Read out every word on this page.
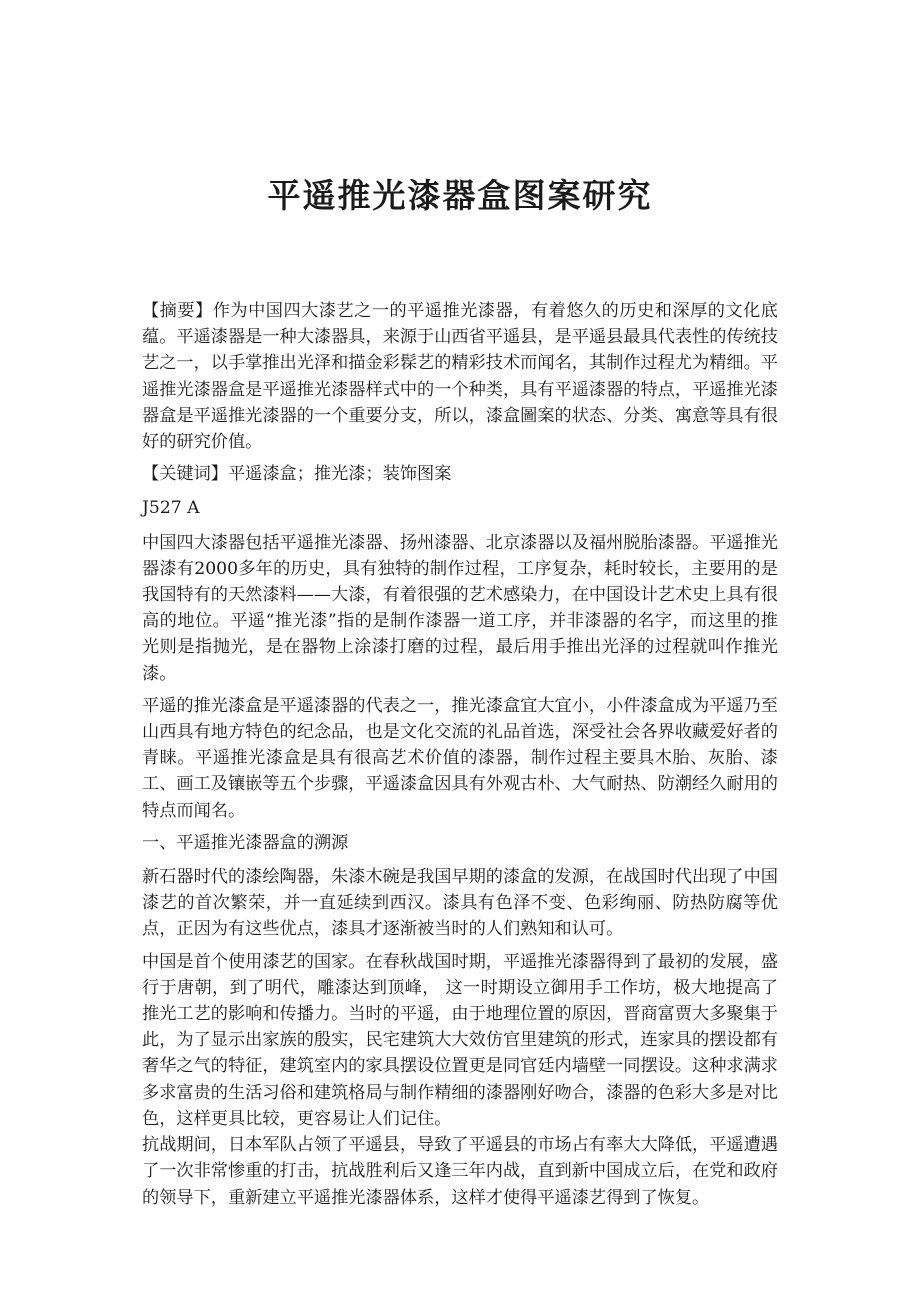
平遥推光漆器盒图案研究

【摘要】作为中国四大漆艺之一的平遥推光漆器，有着悠久的历史和深厚的文化底蕴。平遥漆器是一种大漆器具，来源于山西省平遥县，是平遥县最具代表性的传统技艺之一，以手掌推出光泽和描金彩髹艺的精彩技术而闻名，其制作过程尤为精细。平遥推光漆器盒是平遥推光漆器样式中的一个种类，具有平遥漆器的特点，平遥推光漆器盒是平遥推光漆器的一个重要分支，所以，漆盒圖案的状态、分类、寓意等具有很好的研究价值。

【关键词】平遥漆盒；推光漆；装饰图案

J527 A

中国四大漆器包括平遥推光漆器、扬州漆器、北京漆器以及福州脱胎漆器。平遥推光器漆有2000多年的历史，具有独特的制作过程，工序复杂，耗时较长，主要用的是我国特有的天然漆料——大漆，有着很强的艺术感染力，在中国设计艺术史上具有很高的地位。平遥“推光漆”指的是制作漆器一道工序，并非漆器的名字，而这里的推光则是指抛光，是在器物上涂漆打磨的过程，最后用手推出光泽的过程就叫作推光漆。

平遥的推光漆盒是平遥漆器的代表之一，推光漆盒宜大宜小，小件漆盒成为平遥乃至山西具有地方特色的纪念品，也是文化交流的礼品首选，深受社会各界收藏爱好者的青睐。平遥推光漆盒是具有很高艺术价值的漆器，制作过程主要具木胎、灰胎、漆工、画工及镶嵌等五个步骤，平遥漆盒因具有外观古朴、大气耐热、防潮经久耐用的特点而闻名。

一、平遥推光漆器盒的溯源

新石器时代的漆绘陶器，朱漆木碗是我国早期的漆盒的发源，在战国时代出现了中国漆艺的首次繁荣，并一直延续到西汉。漆具有色泽不变、色彩绚丽、防热防腐等优点，正因为有这些优点，漆具才逐渐被当时的人们熟知和认可。

中国是首个使用漆艺的国家。在春秋战国时期，平遥推光漆器得到了最初的发展，盛行于唐朝，到了明代，雕漆达到顶峰， 这一时期设立御用手工作坊，极大地提高了推光工艺的影响和传播力。当时的平遥，由于地理位置的原因，晋商富贾大多聚集于此，为了显示出家族的殷实，民宅建筑大大效仿官里建筑的形式，连家具的摆设都有奢华之气的特征，建筑室内的家具摆设位置更是同官廷内墙壁一同摆设。这种求满求多求富贵的生活习俗和建筑格局与制作精细的漆器刚好吻合，漆器的色彩大多是对比色，这样更具比较，更容易让人们记住。

抗战期间，日本军队占领了平遥县，导致了平遥县的市场占有率大大降低，平遥遭遇了一次非常惨重的打击，抗战胜利后又逢三年内战，直到新中国成立后，在党和政府的领导下，重新建立平遥推光漆器体系，这样才使得平遥漆艺得到了恢复。
